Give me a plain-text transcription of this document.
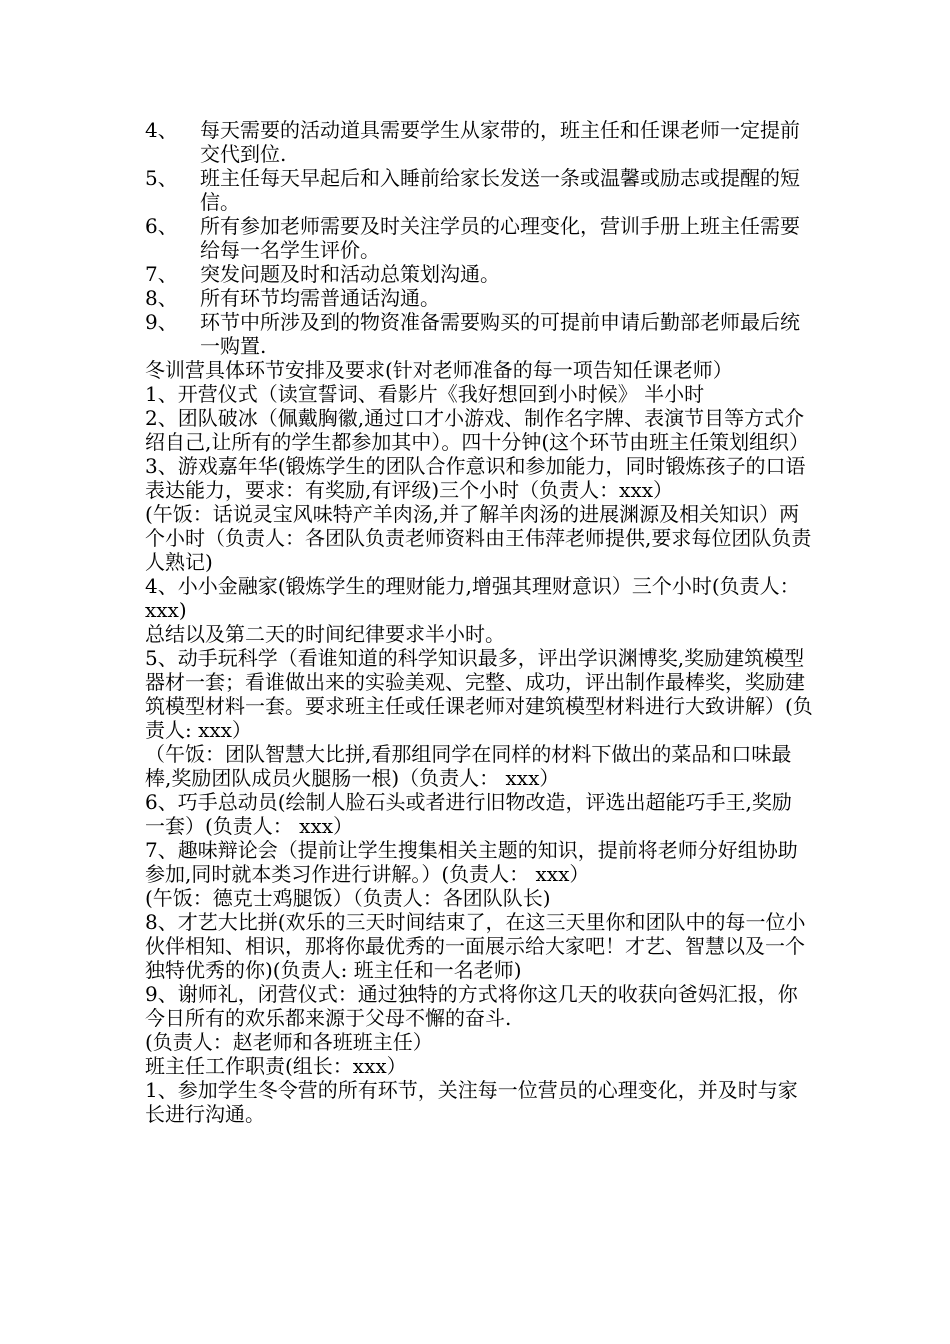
4、	每天需要的活动道具需要学生从家带的，班主任和任课老师一定提前交代到位.
5、	班主任每天早起后和入睡前给家长发送一条或温馨或励志或提醒的短信。
6、	所有参加老师需要及时关注学员的心理变化，营训手册上班主任需要给每一名学生评价。
7、	突发问题及时和活动总策划沟通。
8、	所有环节均需普通话沟通。
9、	环节中所涉及到的物资准备需要购买的可提前申请后勤部老师最后统一购置.

冬训营具体环节安排及要求(针对老师准备的每一项告知任课老师）

1、开营仪式（读宣誓词、看影片《我好想回到小时候》 半小时

2、团队破冰（佩戴胸徽,通过口才小游戏、制作名字牌、表演节目等方式介绍自己,让所有的学生都参加其中）。四十分钟(这个环节由班主任策划组织）

3、游戏嘉年华(锻炼学生的团队合作意识和参加能力，同时锻炼孩子的口语表达能力，要求：有奖励,有评级)三个小时（负责人：xxx）

(午饭：话说灵宝风味特产羊肉汤,并了解羊肉汤的进展渊源及相关知识）两个小时（负责人：各团队负责老师资料由王伟萍老师提供,要求每位团队负责人熟记)

4、小小金融家(锻炼学生的理财能力,增强其理财意识）三个小时(负责人： xxx)

总结以及第二天的时间纪律要求半小时。

5、动手玩科学（看谁知道的科学知识最多，评出学识渊博奖,奖励建筑模型器材一套；看谁做出来的实验美观、完整、成功，评出制作最棒奖，奖励建筑模型材料一套。要求班主任或任课老师对建筑模型材料进行大致讲解）(负责人: xxx）

（午饭：团队智慧大比拼,看那组同学在同样的材料下做出的菜品和口味最棒,奖励团队成员火腿肠一根)（负责人： xxx）

6、巧手总动员(绘制人脸石头或者进行旧物改造，评选出超能巧手王,奖励　一套）(负责人： xxx）

7、趣味辩论会（提前让学生搜集相关主题的知识，提前将老师分好组协助参加,同时就本类习作进行讲解。）(负责人： xxx）

(午饭：德克士鸡腿饭）（负责人：各团队队长)

8、才艺大比拼(欢乐的三天时间结束了，在这三天里你和团队中的每一位小伙伴相知、相识，那将你最优秀的一面展示给大家吧！才艺、智慧以及一个独特优秀的你)(负责人: 班主任和一名老师)

9、谢师礼，闭营仪式：通过独特的方式将你这几天的收获向爸妈汇报，你今日所有的欢乐都来源于父母不懈的奋斗.

(负责人：赵老师和各班班主任）

班主任工作职责(组长：xxx）

1、参加学生冬令营的所有环节，关注每一位营员的心理变化，并及时与家长进行沟通。
